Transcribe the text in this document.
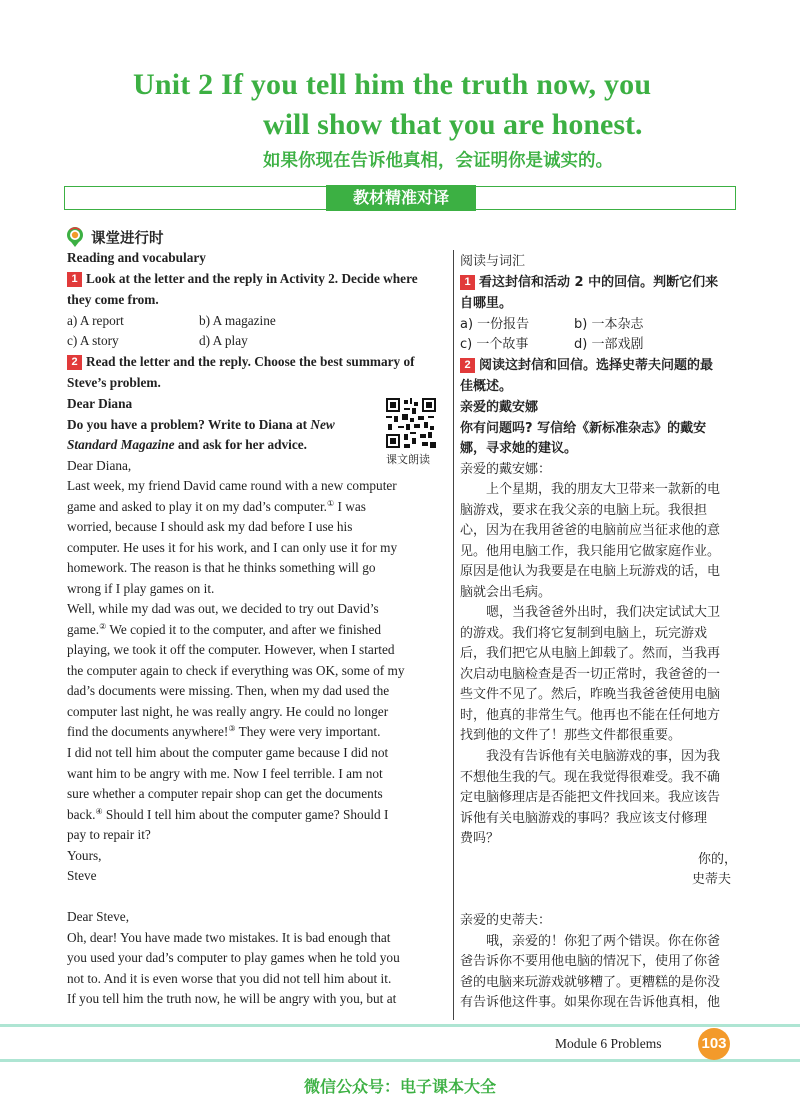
Unit 2 If you tell him the truth now, you
will show that you are honest.
如果你现在告诉他真相，会证明你是诚实的。
教材精准对译
课堂进行时
Reading and vocabulary
1 Look at the letter and the reply in Activity 2. Decide where
they come from.
a) A report	b) A magazine
c) A story	d) A play
2 Read the letter and the reply. Choose the best summary of
Steve’s problem.
Dear Diana
Do you have a problem? Write to Diana at New
Standard Magazine and ask for her advice.
Dear Diana,
Last week, my friend David came round with a new computer
game and asked to play it on my dad’s computer.① I was
worried, because I should ask my dad before I use his
computer. He uses it for his work, and I can only use it for my
homework. The reason is that he thinks something will go
wrong if I play games on it.
Well, while my dad was out, we decided to try out David’s
game.② We copied it to the computer, and after we finished
playing, we took it off the computer. However, when I started
the computer again to check if everything was OK, some of my
dad’s documents were missing. Then, when my dad used the
computer last night, he was really angry. He could no longer
find the documents anywhere!③ They were very important.
I did not tell him about the computer game because I did not
want him to be angry with me. Now I feel terrible. I am not
sure whether a computer repair shop can get the documents
back.④ Should I tell him about the computer game? Should I
pay to repair it?
Yours,
Steve
Dear Steve,
Oh, dear! You have made two mistakes. It is bad enough that
you used your dad’s computer to play games when he told you
not to. And it is even worse that you did not tell him about it.
If you tell him the truth now, he will be angry with you, but at
课文朗读
阅读与词汇
1 看这封信和活动 2 中的回信。判断它们来
自哪里。
a) 一份报告	b) 一本杂志
c) 一个故事	d) 一部戏剧
2 阅读这封信和回信。选择史蒂夫问题的最
佳概述。
亲爱的戴安娜
你有问题吗? 写信给《新标准杂志》的戴安
娜，寻求她的建议。
亲爱的戴安娜：
上个星期，我的朋友大卫带来一款新的电
脑游戏，要求在我父亲的电脑上玩。我很担
心，因为在我用爸爸的电脑前应当征求他的意
见。他用电脑工作，我只能用它做家庭作业。
原因是他认为我要是在电脑上玩游戏的话，电
脑就会出毛病。
嗯，当我爸爸外出时，我们决定试试大卫
的游戏。我们将它复制到电脑上，玩完游戏
后，我们把它从电脑上卸载了。然而，当我再
次启动电脑检查是否一切正常时，我爸爸的一
些文件不见了。然后，昨晚当我爸爸使用电脑
时，他真的非常生气。他再也不能在任何地方
找到他的文件了！那些文件都很重要。
我没有告诉他有关电脑游戏的事，因为我
不想他生我的气。现在我觉得很难受。我不确
定电脑修理店是否能把文件找回来。我应该告
诉他有关电脑游戏的事吗？我应该支付修理
费吗？
你的，
史蒂夫
亲爱的史蒂夫：
哦，亲爱的！你犯了两个错误。你在你爸
爸告诉你不要用他电脑的情况下，使用了你爸
爸的电脑来玩游戏就够糟了。更糟糕的是你没
有告诉他这件事。如果你现在告诉他真相，他
Module 6 Problems	103
微信公众号：电子课本大全
